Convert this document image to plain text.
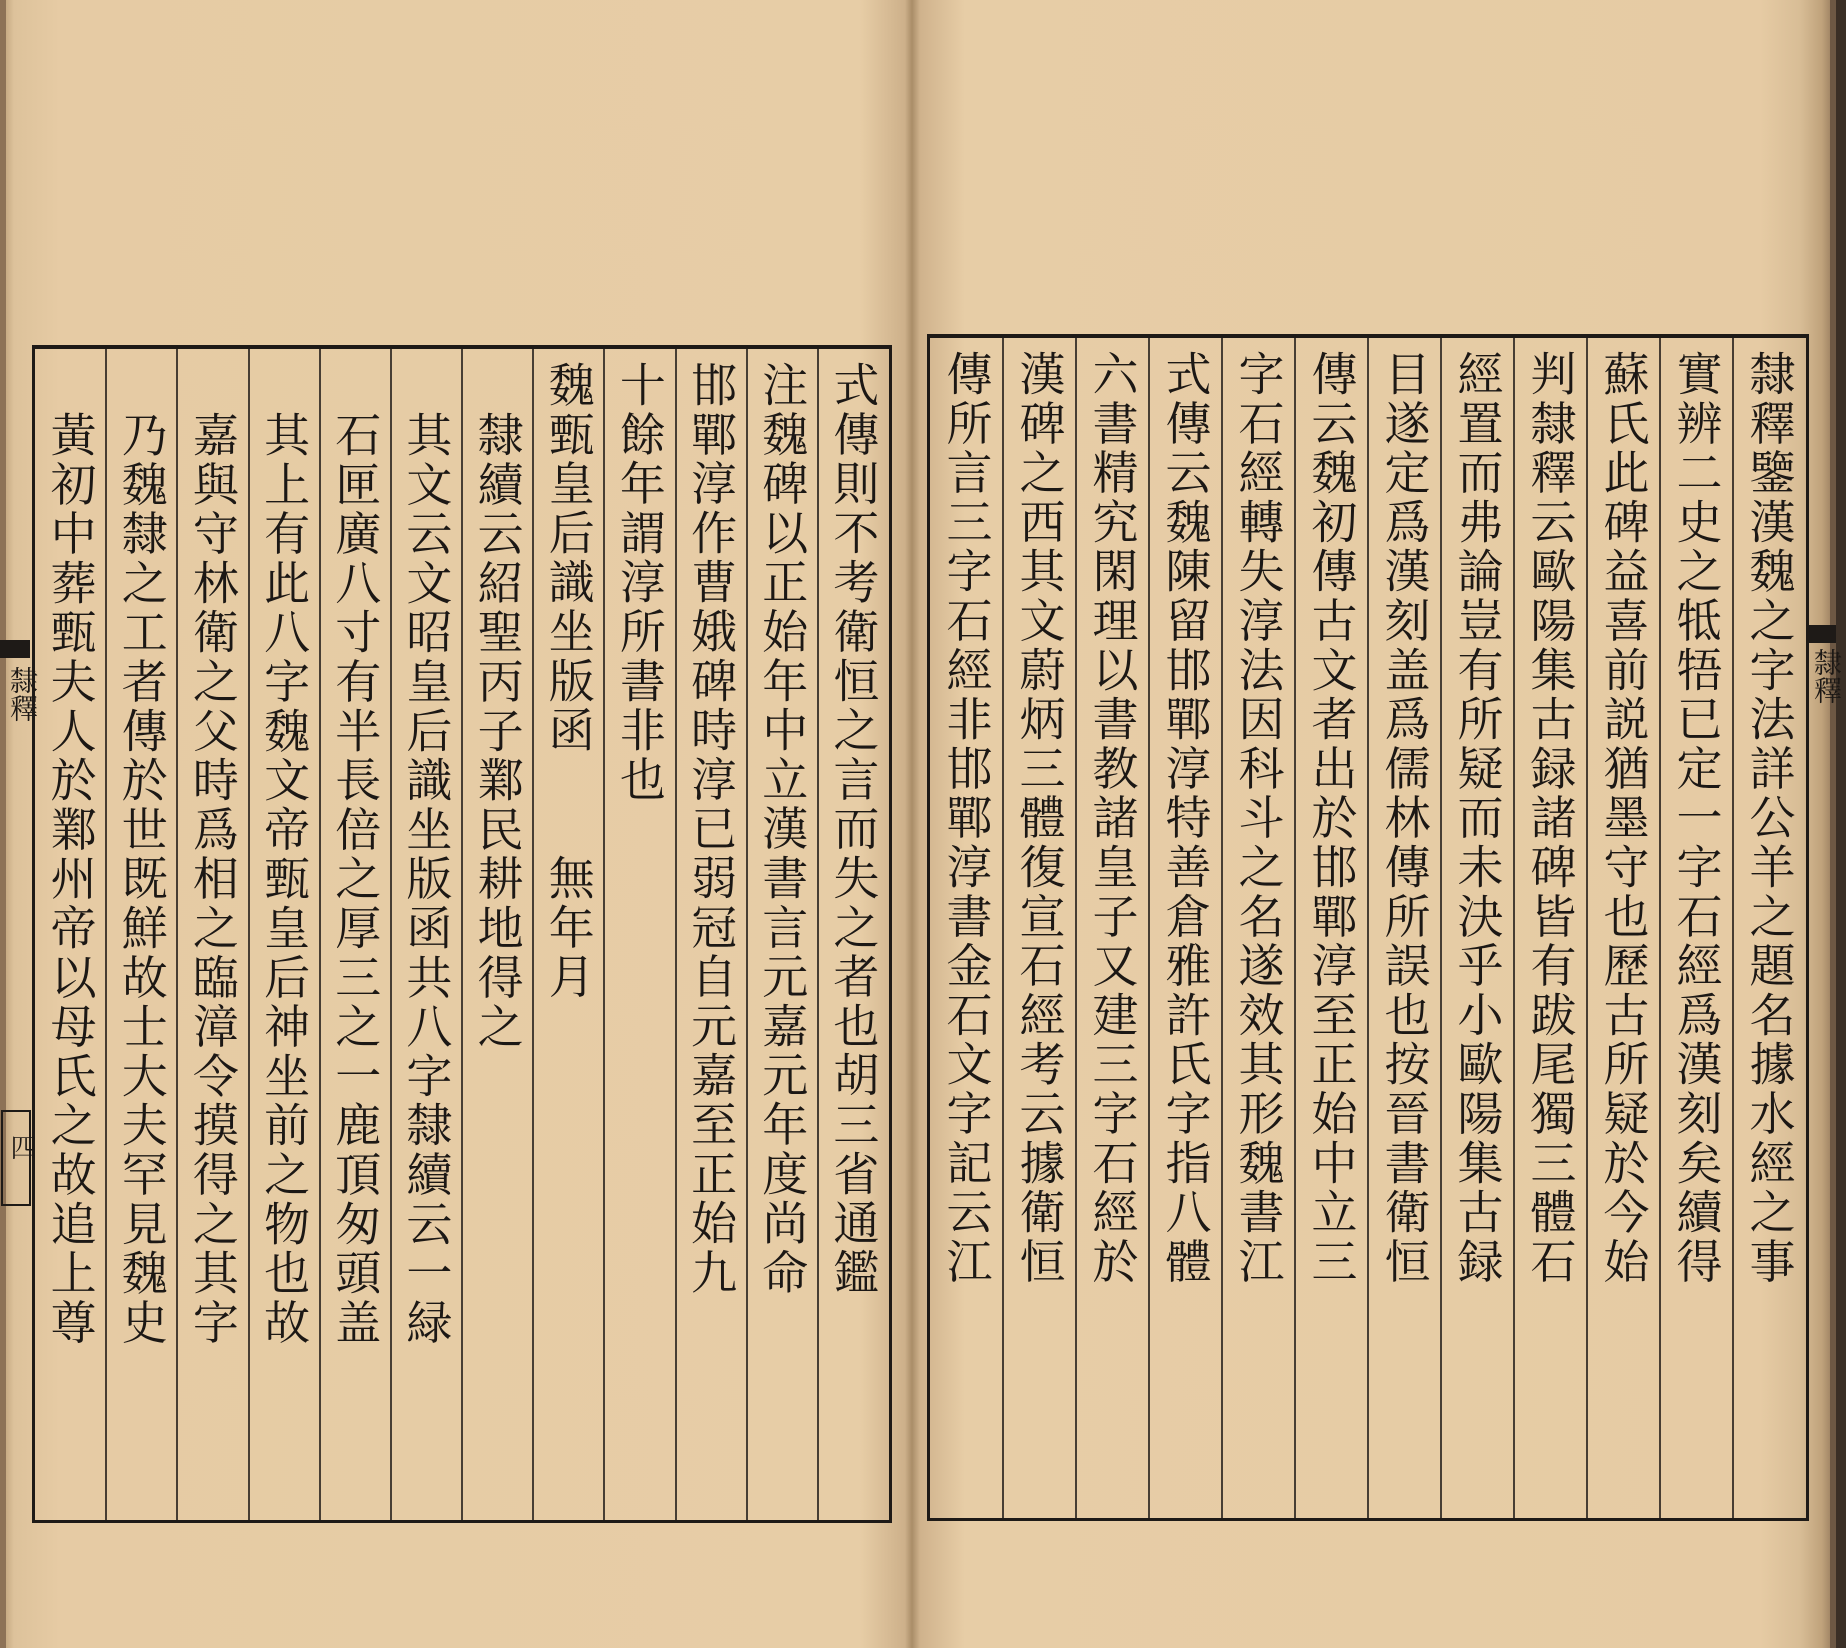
式傳則不考衛恒之言而失之者也胡三省通鑑
注魏碑以正始年中立漢書言元嘉元年度尚命
邯鄲淳作曹娥碑時淳已弱冠自元嘉至正始九
十餘年謂淳所書非也
魏甄皇后識坐版函　　無年月
隸續云紹聖丙子鄴民耕地得之
其文云文昭皇后識坐版函共八字隸續云一緑
石匣廣八寸有半長倍之厚三之一鹿頂匆頭盖
其上有此八字魏文帝甄皇后神坐前之物也故
嘉與守林衛之父時爲相之臨漳令摸得之其字
乃魏隸之工者傳於世既鮮故士大夫罕見魏史
黃初中葬甄夫人於鄴州帝以母氏之故追上尊
隸釋
四	隸釋鑒漢魏之字法詳公羊之題名據水經之事
實辨二史之牴牾已定一字石經爲漢刻矣續得
蘇氏此碑益喜前説猶墨守也歷古所疑於今始
判隸釋云歐陽集古録諸碑皆有跋尾獨三體石
經置而弗論豈有所疑而未決乎小歐陽集古録
目遂定爲漢刻盖爲儒林傳所誤也按晉書衛恒
傳云魏初傳古文者出於邯鄲淳至正始中立三
字石經轉失淳法因科斗之名遂效其形魏書江
式傳云魏陳留邯鄲淳特善倉雅許氏字指八體
六書精究閑理以書教諸皇子又建三字石經於
漢碑之西其文蔚炳三體復宣石經考云據衛恒
傳所言三字石經非邯鄲淳書金石文字記云江	隸釋
